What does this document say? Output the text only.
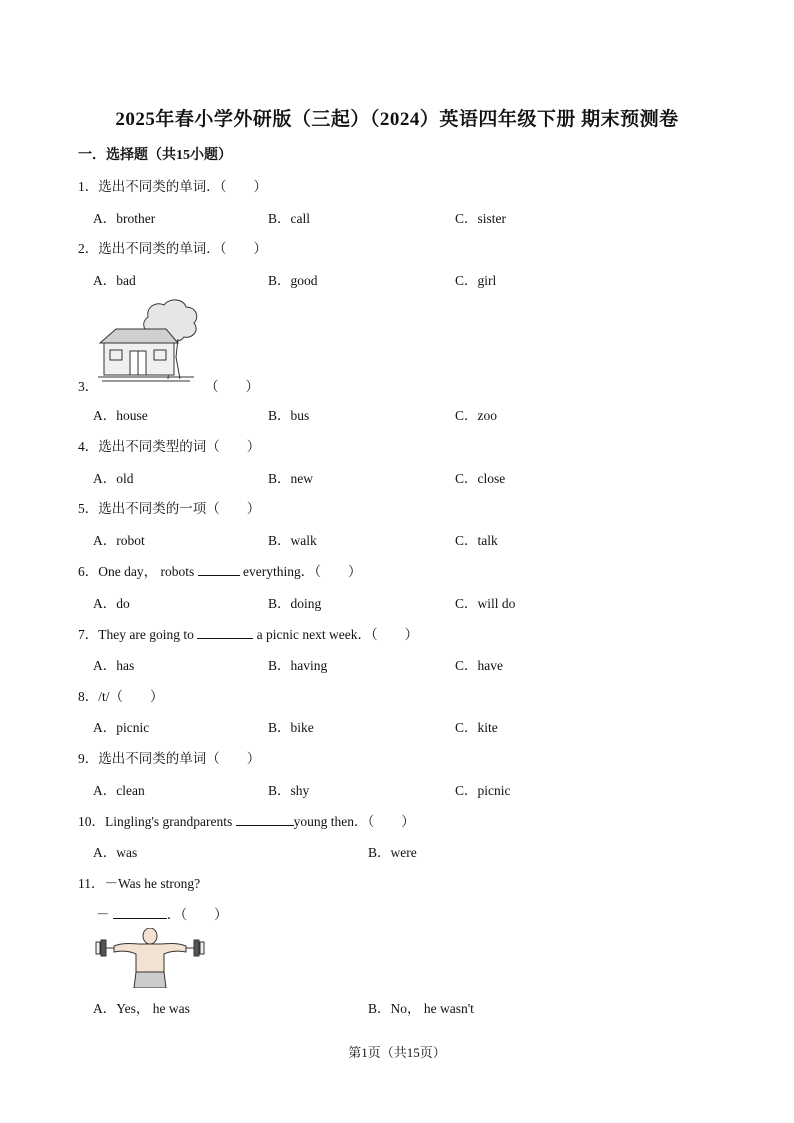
2025年春小学外研版（三起）（2024）英语四年级下册 期末预测卷
一．选择题（共15小题）
1．选出不同类的单词．（　　）
A．brother	B．call	C．sister
2．选出不同类的单词．（　　）
A．bad	B．good	C．girl
3．	（　　）
A．house	B．bus	C．zoo
4．选出不同类型的词（　　）
A．old	B．new	C．close
5．选出不同类的一项（　　）
A．robot	B．walk	C．talk
6．One day， robots	everything．（　　）
A．do	B．doing	C．will do
7．They are going to	a picnic next week．（　　）
A．has	B．having	C．have
8．/t/（　　）
A．picnic	B．bike	C．kite
9．选出不同类的单词（　　）
A．clean	B．shy	C．picnic
10．Lingling's grandparents	young then．（　　）
A．was	B．were
11．－Was he strong?
－	．（　　）
A．Yes， he was	B．No， he wasn't
第1页（共15页）
